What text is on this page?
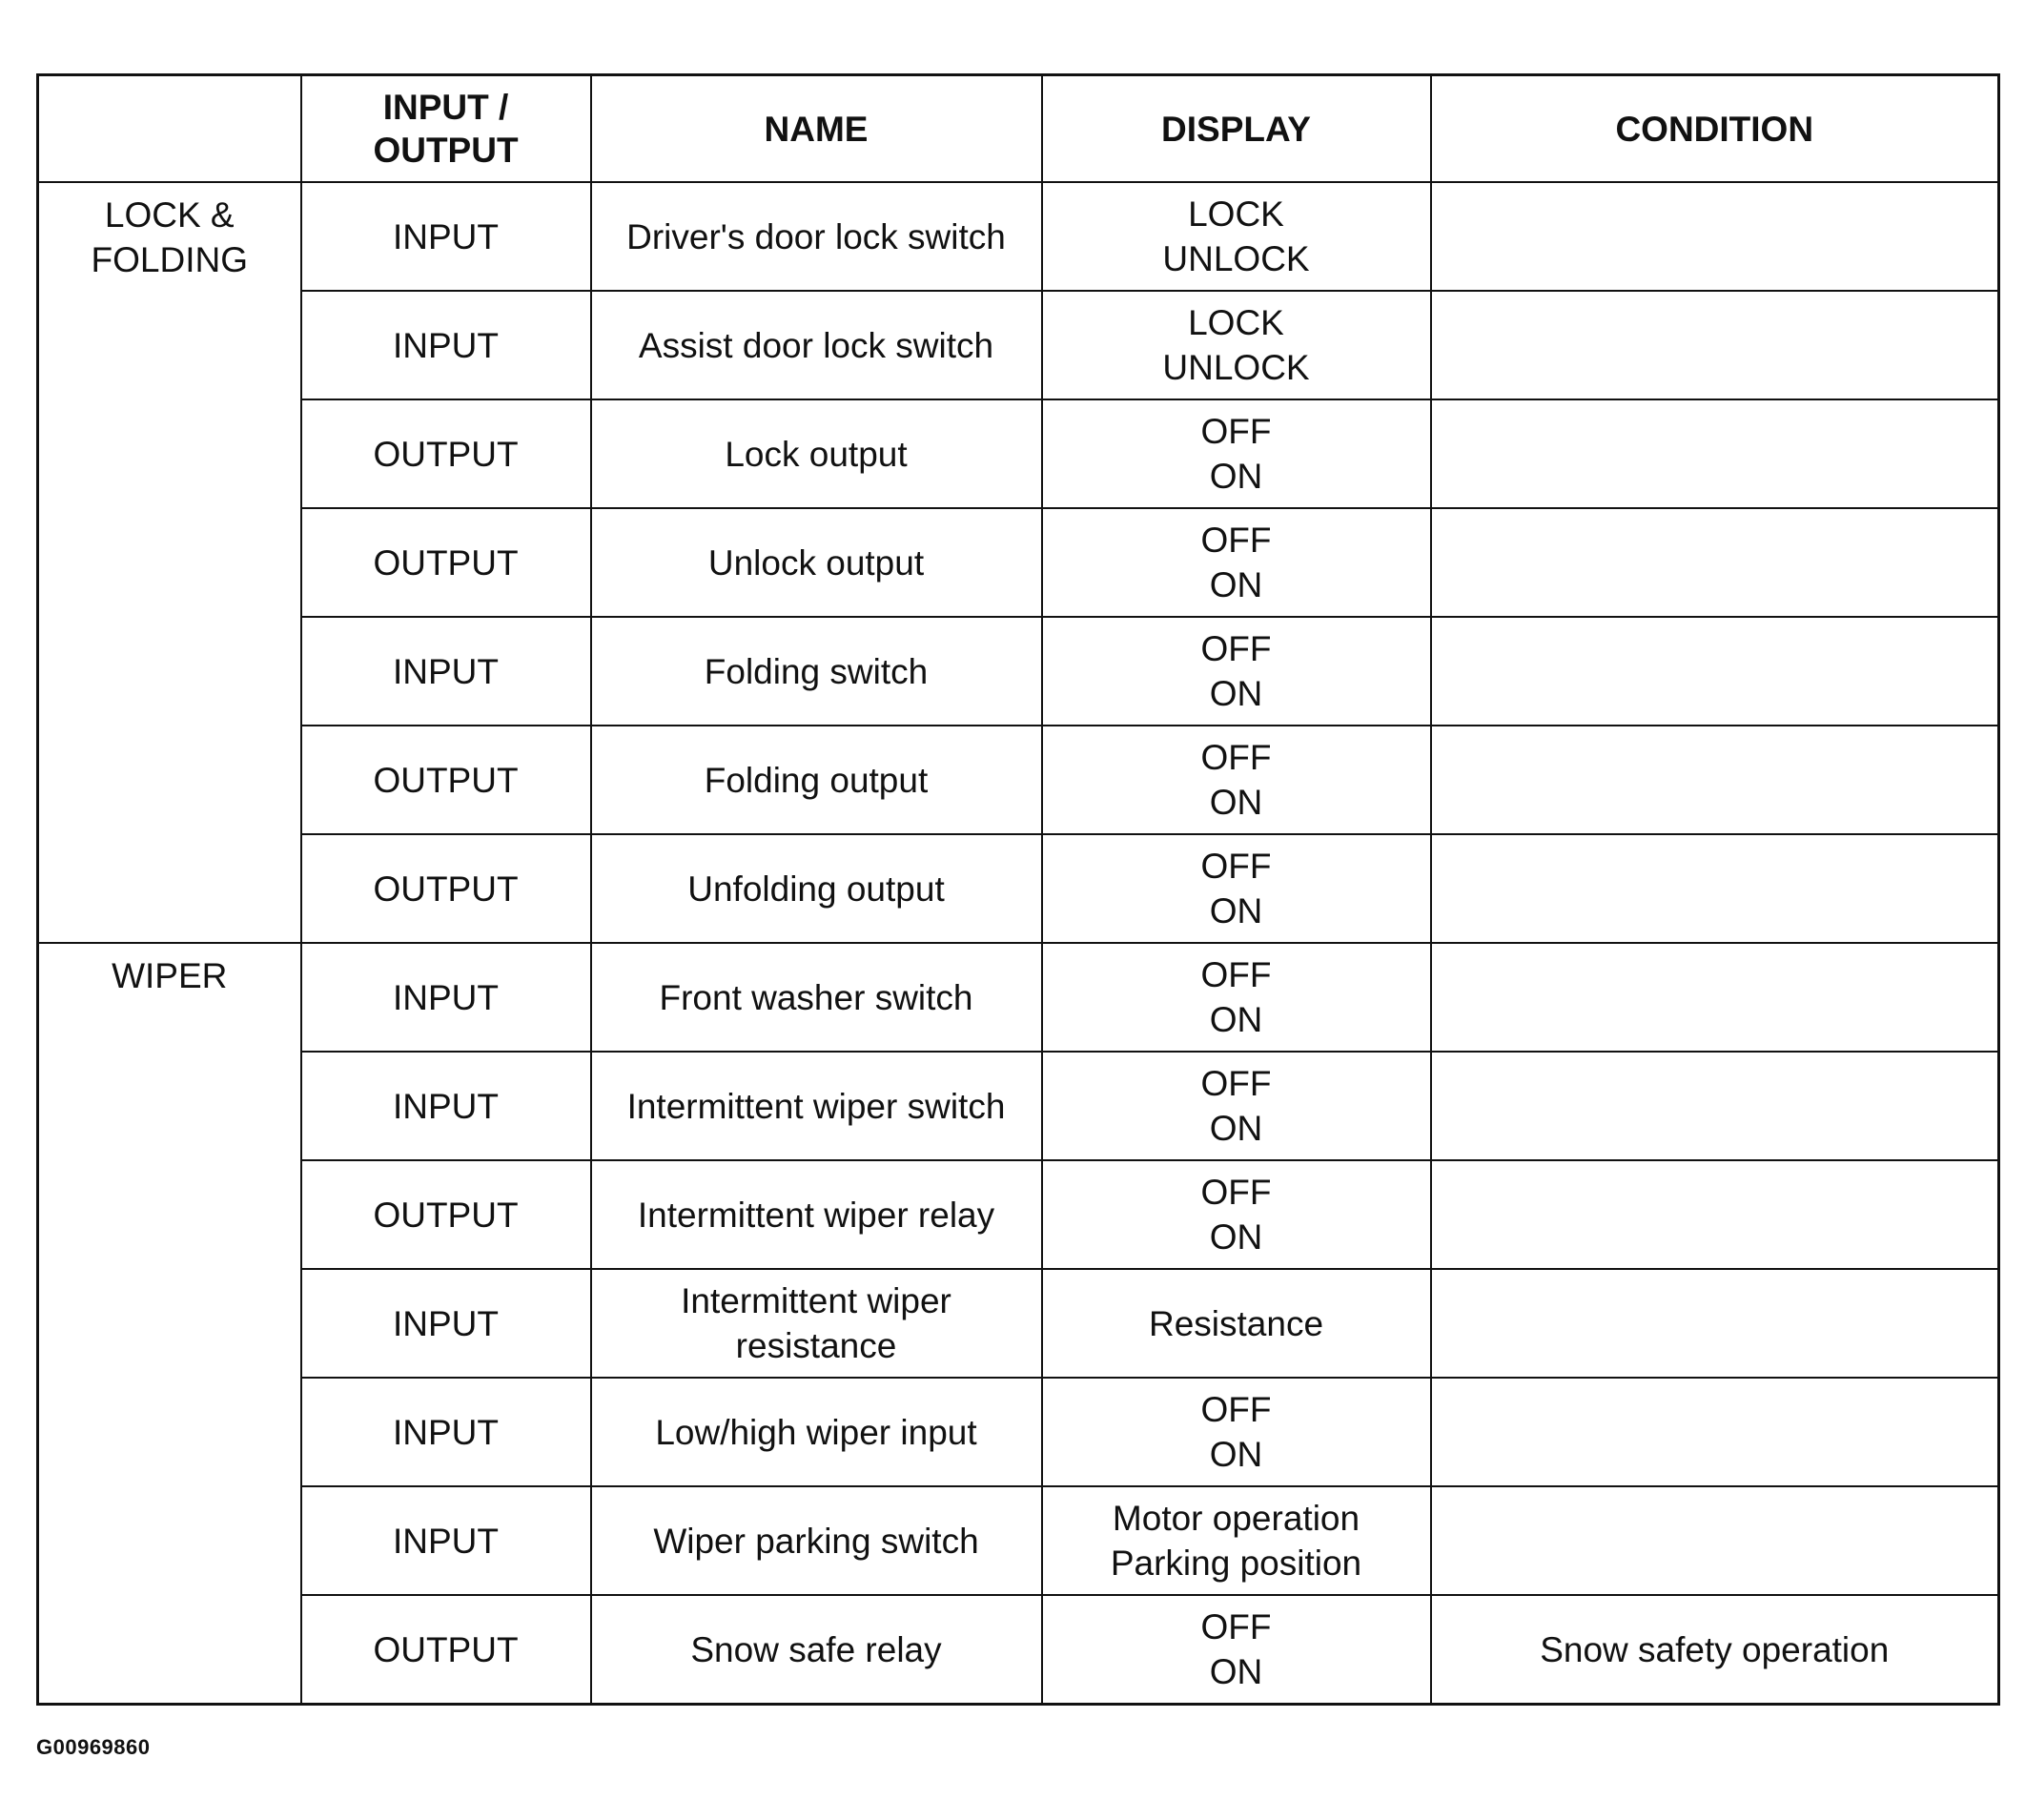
	INPUT /
OUTPUT	NAME	DISPLAY	CONDITION

LOCK &
FOLDING	INPUT	Driver's door lock switch	LOCK
UNLOCK	

	INPUT	Assist door lock switch	LOCK
UNLOCK	

	OUTPUT	Lock output	OFF
ON	

	OUTPUT	Unlock output	OFF
ON	

	INPUT	Folding switch	OFF
ON	

	OUTPUT	Folding output	OFF
ON	

	OUTPUT	Unfolding output	OFF
ON	

WIPER	INPUT	Front washer switch	OFF
ON	

	INPUT	Intermittent wiper switch	OFF
ON	

	OUTPUT	Intermittent wiper relay	OFF
ON	

	INPUT	Intermittent wiper
resistance	Resistance	
	INPUT	Low/high wiper input	OFF
ON	

	INPUT	Wiper parking switch	Motor operation
Parking position	

	OUTPUT	Snow safe relay	OFF
ON	Snow safety operation
G00969860
